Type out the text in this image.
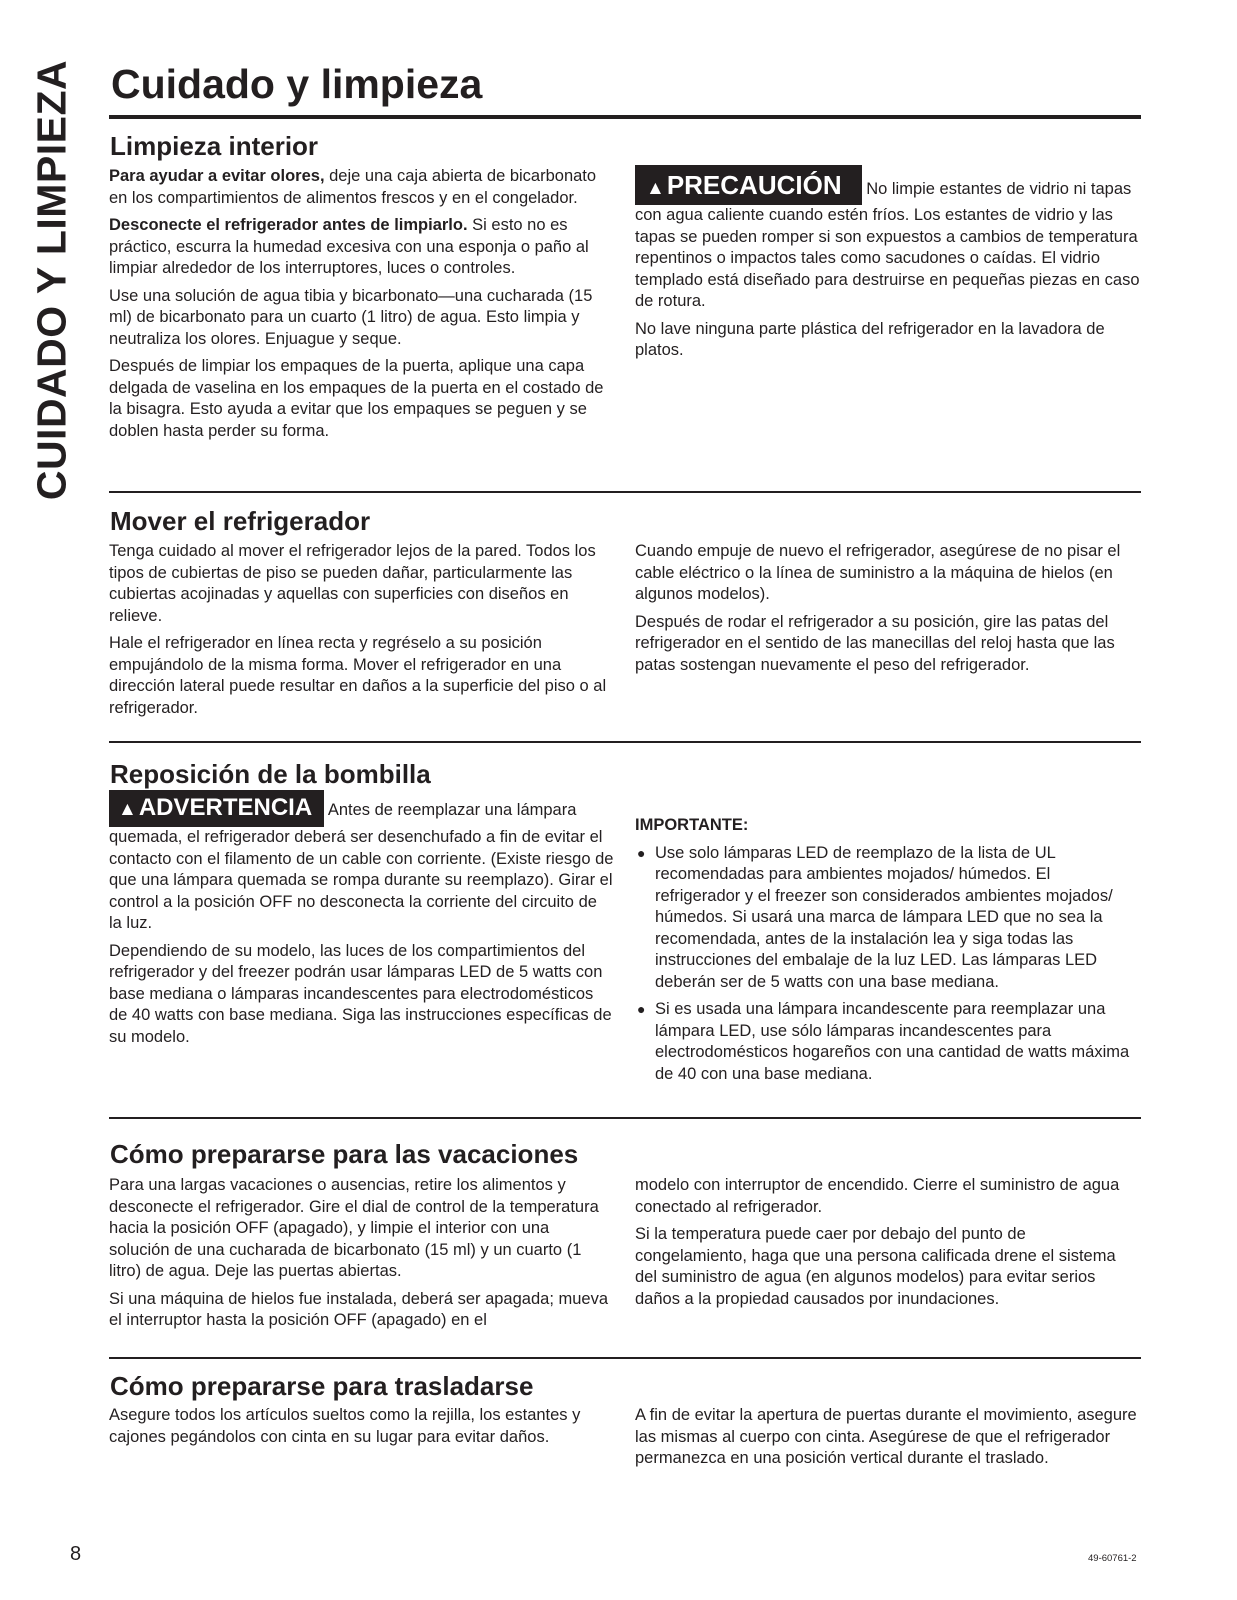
CUIDADO Y LIMPIEZA Cuidado y limpieza
Limpieza interior

Para ayudar a evitar olores, deje una caja abierta de bicarbonato en los compartimientos de alimentos frescos y en el congelador.

Desconecte el refrigerador antes de limpiarlo. Si esto no es práctico, escurra la humedad excesiva con una esponja o paño al limpiar alrededor de los interruptores, luces o controles.

Use una solución de agua tibia y bicarbonato—una cucharada (15 ml) de bicarbonato para un cuarto (1 litro) de agua. Esto limpia y neutraliza los olores. Enjuague y seque.

Después de limpiar los empaques de la puerta, aplique una capa delgada de vaselina en los empaques de la puerta en el costado de la bisagra. Esto ayuda a evitar que los empaques se peguen y se doblen hasta perder su forma.

▲PRECAUCIÓN No limpie estantes de vidrio ni tapas con agua caliente cuando estén fríos. Los estantes de vidrio y las tapas se pueden romper si son expuestos a cambios de temperatura repentinos o impactos tales como sacudones o caídas. El vidrio templado está diseñado para destruirse en pequeñas piezas en caso de rotura.

No lave ninguna parte plástica del refrigerador en la lavadora de platos.

Mover el refrigerador

Tenga cuidado al mover el refrigerador lejos de la pared. Todos los tipos de cubiertas de piso se pueden dañar, particularmente las cubiertas acojinadas y aquellas con superficies con diseños en relieve.

Hale el refrigerador en línea recta y regréselo a su posición empujándolo de la misma forma. Mover el refrigerador en una dirección lateral puede resultar en daños a la superficie del piso o al refrigerador.

Cuando empuje de nuevo el refrigerador, asegúrese de no pisar el cable eléctrico o la línea de suministro a la máquina de hielos (en algunos modelos).

Después de rodar el refrigerador a su posición, gire las patas del refrigerador en el sentido de las manecillas del reloj hasta que las patas sostengan nuevamente el peso del refrigerador.

Reposición de la bombilla

▲ADVERTENCIA Antes de reemplazar una lámpara quemada, el refrigerador deberá ser desenchufado a fin de evitar el contacto con el filamento de un cable con corriente. (Existe riesgo de que una lámpara quemada se rompa durante su reemplazo). Girar el control a la posición OFF no desconecta la corriente del circuito de la luz.

Dependiendo de su modelo, las luces de los compartimientos del refrigerador y del freezer podrán usar lámparas LED de 5 watts con base mediana o lámparas incandescentes para electrodomésticos de 40 watts con base mediana. Siga las instrucciones específicas de su modelo.

IMPORTANTE:

● Use solo lámparas LED de reemplazo de la lista de UL recomendadas para ambientes mojados/ húmedos. El refrigerador y el freezer son considerados ambientes mojados/ húmedos. Si usará una marca de lámpara LED que no sea la recomendada, antes de la instalación lea y siga todas las instrucciones del embalaje de la luz LED. Las lámparas LED deberán ser de 5 watts con una base mediana.
● Si es usada una lámpara incandescente para reemplazar una lámpara LED, use sólo lámparas incandescentes para electrodomésticos hogareños con una cantidad de watts máxima de 40 con una base mediana.
Cómo prepararse para las vacaciones

Para una largas vacaciones o ausencias, retire los alimentos y desconecte el refrigerador. Gire el dial de control de la temperatura hacia la posición OFF (apagado), y limpie el interior con una solución de una cucharada de bicarbonato (15 ml) y un cuarto (1 litro) de agua. Deje las puertas abiertas.

Si una máquina de hielos fue instalada, deberá ser apagada; mueva el interruptor hasta la posición OFF (apagado) en el

modelo con interruptor de encendido. Cierre el suministro de agua conectado al refrigerador.

Si la temperatura puede caer por debajo del punto de congelamiento, haga que una persona calificada drene el sistema del suministro de agua (en algunos modelos) para evitar serios daños a la propiedad causados por inundaciones.

Cómo prepararse para trasladarse

Asegure todos los artículos sueltos como la rejilla, los estantes y cajones pegándolos con cinta en su lugar para evitar daños.

A fin de evitar la apertura de puertas durante el movimiento, asegure las mismas al cuerpo con cinta. Asegúrese de que el refrigerador permanezca en una posición vertical durante el traslado.

8	49-60761-2
